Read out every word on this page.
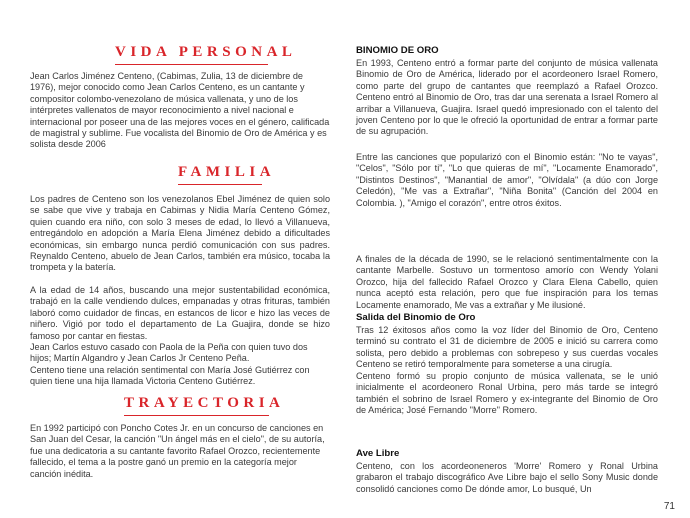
VIDA PERSONAL

Jean Carlos Jiménez Centeno, (Cabimas, Zulia, 13 de diciembre de 1976), mejor conocido como Jean Carlos Centeno, es un cantante y compositor colombo-venezolano de música vallenata, y uno de los intérpretes vallenatos de mayor reconocimiento a nivel nacional e internacional por poseer una de las mejores voces en el género, calificada de magistral y sublime. Fue vocalista del Binomio de Oro de América y es solista desde 2006

FAMILIA

Los padres de Centeno son los venezolanos Ebel Jiménez de quien solo se sabe que vive y trabaja en Cabimas y Nidia María Centeno Gómez, quien cuando era niño, con solo 3 meses de edad, lo llevó a Villanueva, entregándolo en adopción a María Elena Jiménez debido a dificultades económicas, sin embargo nunca perdió comunicación con sus padres. Reynaldo Centeno, abuelo de Jean Carlos, también era músico, tocaba la trompeta y la batería.

A la edad de 14 años, buscando una mejor sustentabilidad económica, trabajó en la calle vendiendo dulces, empanadas y otras frituras, también laboró como cuidador de fincas, en estancos de licor e hizo las veces de niñero. Vigió por todo el departamento de La Guajira, donde se hizo famoso por cantar en fiestas.

Jean Carlos estuvo casado con Paola de la Peña con quien tuvo dos hijos; Martín Algandro y Jean Carlos Jr Centeno Peña.

Centeno tiene una relación sentimental con María José Gutiérrez con quien tiene una hija llamada Victoria Centeno Gutiérrez.

TRAYECTORIA

En 1992 participó con Poncho Cotes Jr. en un concurso de canciones en San Juan del Cesar, la canción "Un ángel más en el cielo", de su autoría, fue una dedicatoria a su cantante favorito Rafael Orozco, recientemente fallecido, el tema a la postre ganó un premio en la categoría mejor canción inédita.

BINOMIO DE ORO

En 1993, Centeno entró a formar parte del conjunto de música vallenata Binomio de Oro de América, liderado por el acordeonero Israel Romero, como parte del grupo de cantantes que reemplazó a Rafael Orozco. Centeno entró al Binomio de Oro, tras dar una serenata a Israel Romero al arribar a Villanueva, Guajira. Israel quedó impresionado con el talento del joven Centeno por lo que le ofreció la oportunidad de entrar a formar parte de su agrupación.

Entre las canciones que popularizó con el Binomio están: "No te vayas", "Celos", "Sólo por ti", "Lo que quieras de mí", "Locamente Enamorado", "Distintos Destinos", "Manantial de amor", "Olvídala" (a dúo con Jorge Celedón), "Me vas a Extrañar", "Niña Bonita" (Canción del 2004 en Colombia. ), "Amigo el corazón", entre otros éxitos.

A finales de la década de 1990, se le relacionó sentimentalmente con la cantante Marbelle. Sostuvo un tormentoso amorío con Wendy Yolani Orozco, hija del fallecido Rafael Orozco y Clara Elena Cabello, quien nunca aceptó esta relación, pero que fue inspiración para los temas Locamente enamorado, Me vas a extrañar y Me ilusioné.

Salida del Binomio de Oro

Tras 12 éxitosos años como la voz líder del Binomio de Oro, Centeno terminó su contrato el 31 de diciembre de 2005 e inició su carrera como solista, pero debido a problemas con sobrepeso y sus cuerdas vocales Centeno se retiró temporalmente para someterse a una cirugía.

Centeno formó su propio conjunto de música vallenata, se le unió inicialmente el acordeonero Ronal Urbina, pero más tarde se integró también el sobrino de Israel Romero y ex-integrante del Binomio de Oro de América; José Fernando "Morre" Romero.

Ave Libre

Centeno, con los acordeoneneros 'Morre' Romero y Ronal Urbina grabaron el trabajo discográfico Ave Libre bajo el sello Sony Music donde consolidó canciones como De dónde amor, Lo busqué, Un

71
